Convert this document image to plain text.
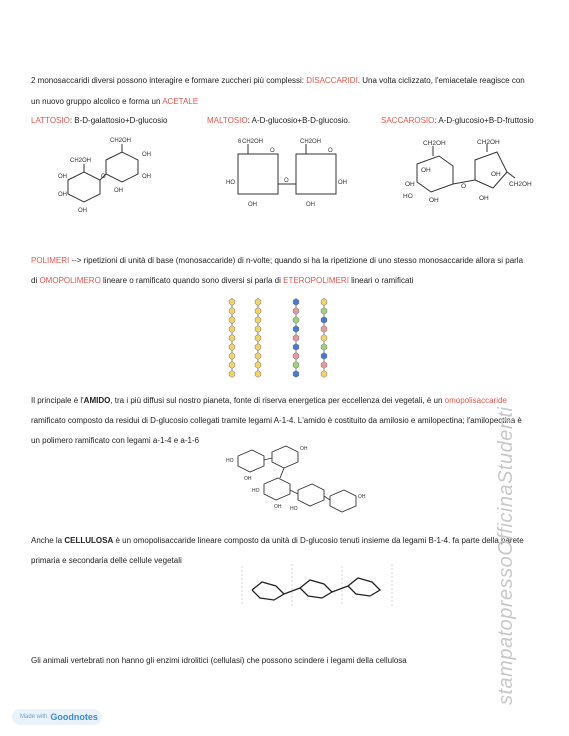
2 monosaccaridi diversi possono interagire e formare zuccheri più complessi: DISACCARIDI. Una volta ciclizzato, l'emiacetale reagisce con
un nuovo gruppo alcolico e forma un ACETALE
LATTOSIO: B-D-galattosio+D-glucosio	MALTOSIO: A-D-glucosio+B-D-glucosio.	SACCAROSIO: A-D-glucosio+B-D-fruttosio
CH2OH
CH2OH
OH
OH
OH
OH
OH
OH
O
CH2OH	CH2OH
O	O
O
HO
OH	OH
OH
6	CH2OH	CH2OH
CH2OH
OH
OH
OH
OH
OH
HO
O
POLIMERI --> ripetizioni di unità di base (monosaccaride) di n-volte; quando si ha la ripetizione di uno stesso monosaccaride allora si parla
di OMOPOLIMERO lineare o ramificato quando sono diversi si parla di ETEROPOLIMERI lineari o ramificati
Il principale è l'AMIDO, tra i più diffusi sul nostro pianeta, fonte di riserva energetica per eccellenza dei vegetali, è un omopolisaccaride
ramificato composto da residui di D-glucosio collegati tramite legami A-1-4. L'amido è costituito da amilosio e amilopectina; l'amilopectina è
un polimero ramificato con legami a-1-4 e a-1-6
HO
OH
OH
HO
OH HO
OH
Anche la CELLULOSA è un omopolisaccaride lineare composto da unità di D-glucosio tenuti insieme da legami B-1-4. fa parte della parete
primaria e secondaria delle cellule vegetali
Gli animali vertebrati non hanno gli enzimi idrolitici (cellulasi) che possono scindere i legami della cellulosa	stampatopressoOfficinaStudenti
Made with Goodnotes
